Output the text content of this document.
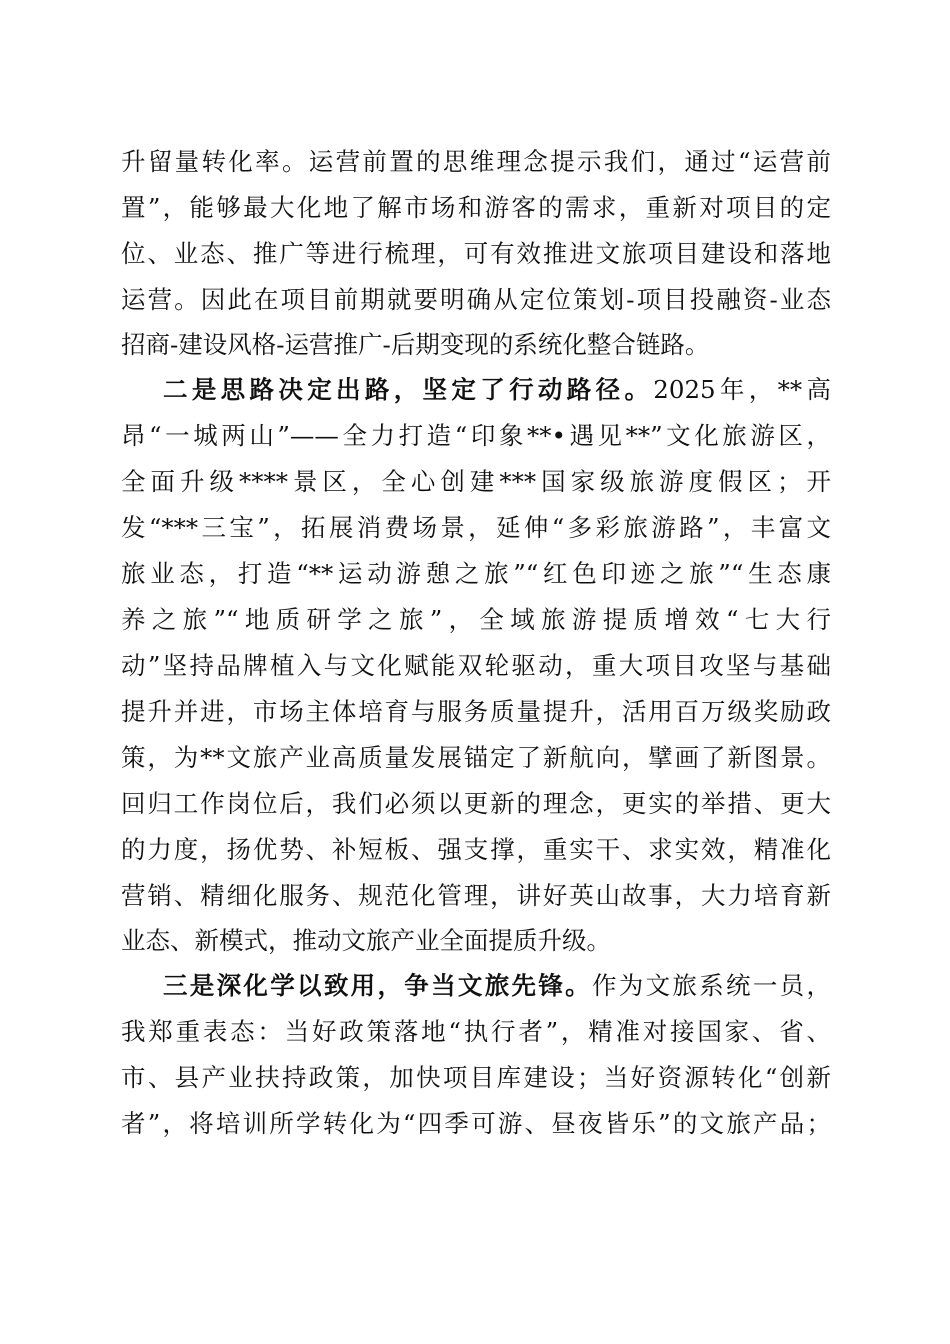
升留量转化率。运营前置的思维理念提示我们，通过“运营前
置”，能够最大化地了解市场和游客的需求，重新对项目的定
位、业态、推广等进行梳理，可有效推进文旅项目建设和落地
运营。因此在项目前期就要明确从定位策划-项目投融资-业态
招商-建设风格-运营推广-后期变现的系统化整合链路。
二是思路决定出路，坚定了行动路径。2025年，**高
昂“一城两山”——全力打造“印象**•遇见**”文化旅游区，
全面升级****景区，全心创建***国家级旅游度假区；开
发“***三宝”，拓展消费场景，延伸“多彩旅游路”，丰富文
旅业态，打造“**运动游憩之旅”“红色印迹之旅”“生态康
养之旅”“地质研学之旅”，全域旅游提质增效“七大行
动”坚持品牌植入与文化赋能双轮驱动，重大项目攻坚与基础
提升并进，市场主体培育与服务质量提升，活用百万级奖励政
策，为**文旅产业高质量发展锚定了新航向，擘画了新图景。
回归工作岗位后，我们必须以更新的理念，更实的举措、更大
的力度，扬优势、补短板、强支撑，重实干、求实效，精准化
营销、精细化服务、规范化管理，讲好英山故事，大力培育新
业态、新模式，推动文旅产业全面提质升级。
三是深化学以致用，争当文旅先锋。作为文旅系统一员，
我郑重表态：当好政策落地“执行者”，精准对接国家、省、
市、县产业扶持政策，加快项目库建设；当好资源转化“创新
者”，将培训所学转化为“四季可游、昼夜皆乐”的文旅产品；
